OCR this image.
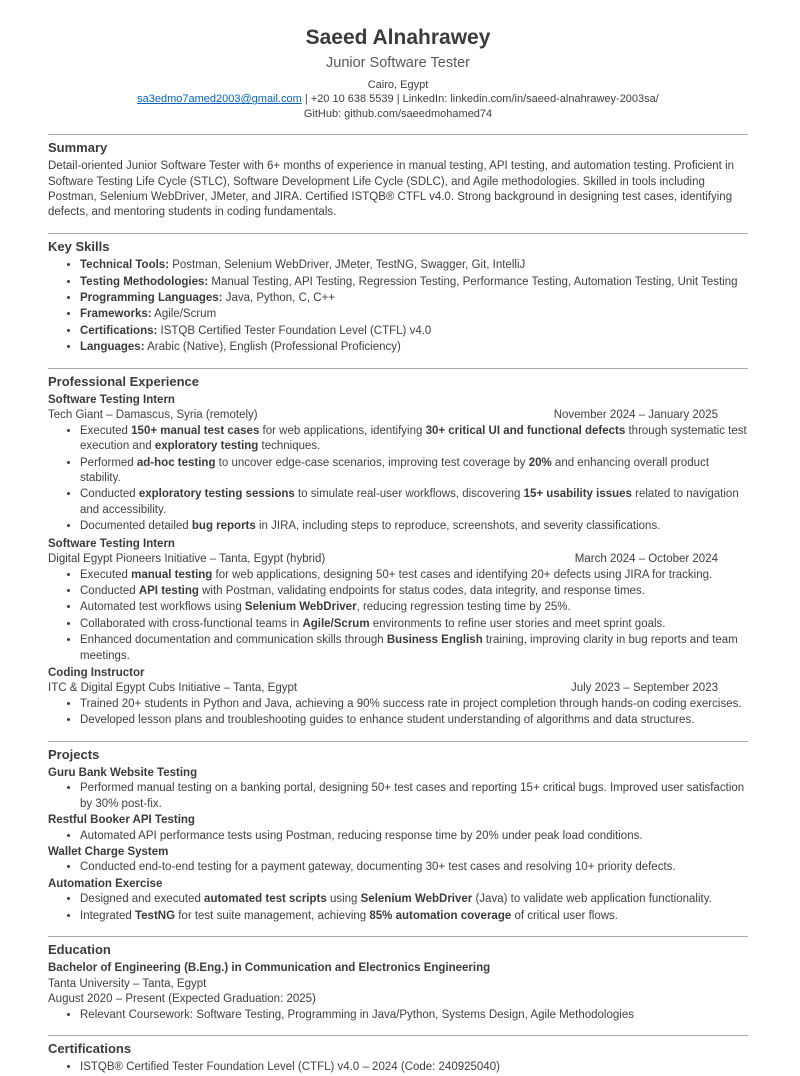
Saeed Alnahrawey
Junior Software Tester
Cairo, Egypt
sa3edmo7amed2003@gmail.com | +20 10 638 5539 | LinkedIn: linkedin.com/in/saeed-alnahrawey-2003sa/
GitHub: github.com/saeedmohamed74
Summary

Detail-oriented Junior Software Tester with 6+ months of experience in manual testing, API testing, and automation testing. Proficient in Software Testing Life Cycle (STLC), Software Development Life Cycle (SDLC), and Agile methodologies. Skilled in tools including Postman, Selenium WebDriver, JMeter, and JIRA. Certified ISTQB® CTFL v4.0. Strong background in designing test cases, identifying defects, and mentoring students in coding fundamentals.

Key Skills
• Technical Tools: Postman, Selenium WebDriver, JMeter, TestNG, Swagger, Git, IntelliJ
• Testing Methodologies: Manual Testing, API Testing, Regression Testing, Performance Testing, Automation Testing, Unit Testing
• Programming Languages: Java, Python, C, C++
• Frameworks: Agile/Scrum
• Certifications: ISTQB Certified Tester Foundation Level (CTFL) v4.0
• Languages: Arabic (Native), English (Professional Proficiency)
Professional Experience
Software Testing Intern
Tech Giant – Damascus, Syria (remotely)	November 2024 – January 2025
• Executed 150+ manual test cases for web applications, identifying 30+ critical UI and functional defects through systematic test execution and exploratory testing techniques.
• Performed ad-hoc testing to uncover edge-case scenarios, improving test coverage by 20% and enhancing overall product stability.
• Conducted exploratory testing sessions to simulate real-user workflows, discovering 15+ usability issues related to navigation and accessibility.
• Documented detailed bug reports in JIRA, including steps to reproduce, screenshots, and severity classifications.
Software Testing Intern
Digital Egypt Pioneers Initiative – Tanta, Egypt (hybrid)	March 2024 – October 2024
• Executed manual testing for web applications, designing 50+ test cases and identifying 20+ defects using JIRA for tracking.
• Conducted API testing with Postman, validating endpoints for status codes, data integrity, and response times.
• Automated test workflows using Selenium WebDriver, reducing regression testing time by 25%.
• Collaborated with cross-functional teams in Agile/Scrum environments to refine user stories and meet sprint goals.
• Enhanced documentation and communication skills through Business English training, improving clarity in bug reports and team meetings.
Coding Instructor
ITC & Digital Egypt Cubs Initiative – Tanta, Egypt	July 2023 – September 2023
• Trained 20+ students in Python and Java, achieving a 90% success rate in project completion through hands-on coding exercises.
• Developed lesson plans and troubleshooting guides to enhance student understanding of algorithms and data structures.
Projects
Guru Bank Website Testing
• Performed manual testing on a banking portal, designing 50+ test cases and reporting 15+ critical bugs. Improved user satisfaction by 30% post-fix.
Restful Booker API Testing
• Automated API performance tests using Postman, reducing response time by 20% under peak load conditions.
Wallet Charge System
• Conducted end-to-end testing for a payment gateway, documenting 30+ test cases and resolving 10+ priority defects.
Automation Exercise
• Designed and executed automated test scripts using Selenium WebDriver (Java) to validate web application functionality.
• Integrated TestNG for test suite management, achieving 85% automation coverage of critical user flows.
Education
Bachelor of Engineering (B.Eng.) in Communication and Electronics Engineering
Tanta University – Tanta, Egypt
August 2020 – Present (Expected Graduation: 2025)
• Relevant Coursework: Software Testing, Programming in Java/Python, Systems Design, Agile Methodologies
Certifications
• ISTQB® Certified Tester Foundation Level (CTFL) v4.0 – 2024 (Code: 240925040)
